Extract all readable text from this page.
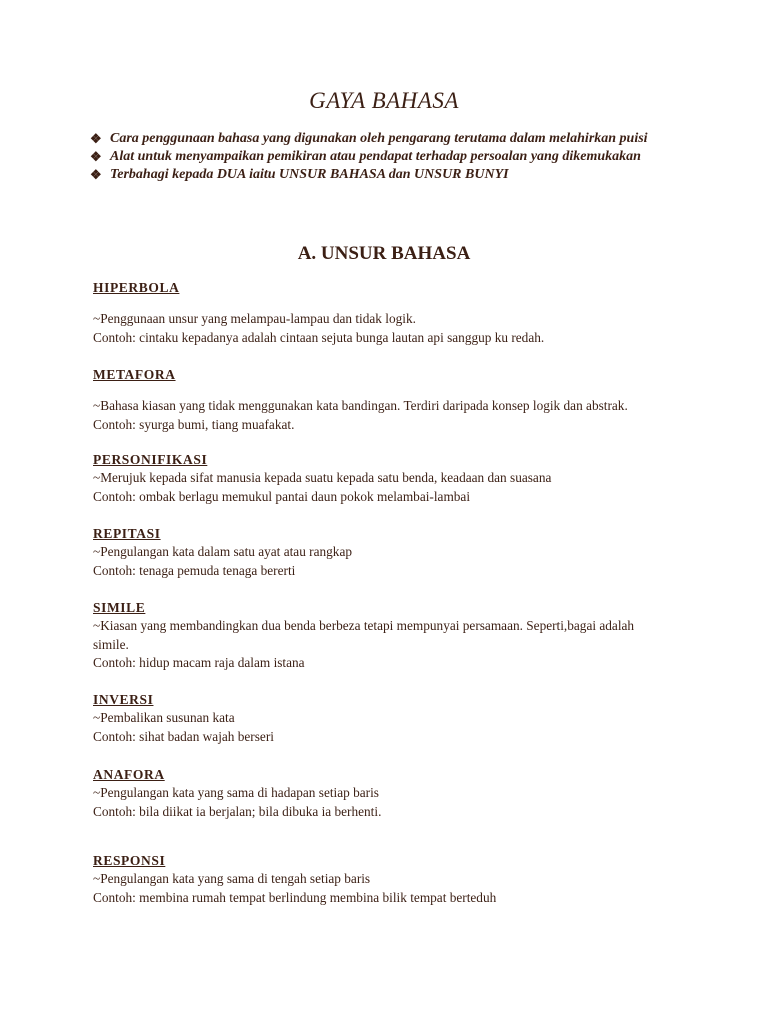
GAYA BAHASA
❖ Cara penggunaan bahasa yang digunakan oleh pengarang terutama dalam melahirkan puisi
❖ Alat untuk menyampaikan pemikiran atau pendapat terhadap persoalan yang dikemukakan
❖ Terbahagi kepada DUA iaitu UNSUR BAHASA dan UNSUR BUNYI
A. UNSUR BAHASA
HIPERBOLA
~Penggunaan unsur yang melampau-lampau dan tidak logik.
Contoh: cintaku kepadanya adalah cintaan sejuta bunga lautan api sanggup ku redah.
METAFORA
~Bahasa kiasan yang tidak menggunakan kata bandingan. Terdiri daripada konsep logik dan abstrak.
Contoh: syurga bumi, tiang muafakat.
PERSONIFIKASI
~Merujuk kepada sifat manusia kepada suatu kepada satu benda, keadaan dan suasana
Contoh: ombak berlagu memukul pantai daun pokok melambai-lambai
REPITASI
~Pengulangan kata dalam satu ayat atau rangkap
Contoh: tenaga pemuda tenaga bererti
SIMILE
~Kiasan yang membandingkan dua benda berbeza tetapi mempunyai persamaan. Seperti,bagai adalah
simile.
Contoh: hidup macam raja dalam istana
INVERSI
~Pembalikan susunan kata
Contoh: sihat badan wajah berseri
ANAFORA
~Pengulangan kata yang sama di hadapan setiap baris
Contoh: bila diikat ia berjalan; bila dibuka ia berhenti.
RESPONSI
~Pengulangan kata yang sama di tengah setiap baris
Contoh: membina rumah tempat berlindung membina bilik tempat berteduh
